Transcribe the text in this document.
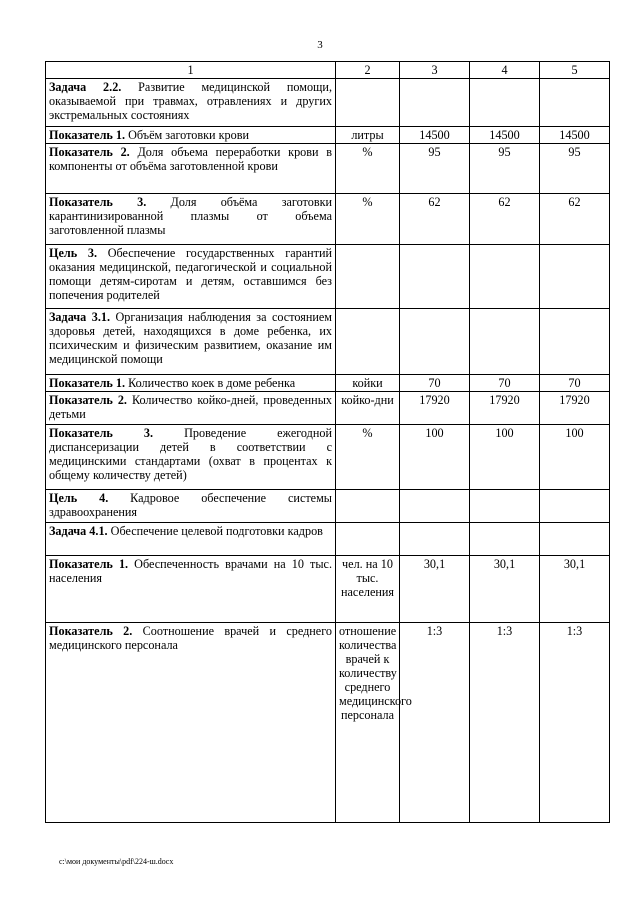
3
1	2	3	4	5
Задача 2.2. Развитие медицинской помощи, оказываемой при травмах, отравлениях и других экстремальных состояниях				
Показатель 1. Объём заготовки крови	литры	14500	14500	14500
Показатель 2. Доля объема переработки крови в компоненты от объёма заготовленной крови	%	95	95	95
Показатель 3. Доля объёма заготовки карантинизированной плазмы от объема заготовленной плазмы	%	62	62	62
Цель 3. Обеспечение государственных гарантий оказания медицинской, педагогической и социальной помощи детям-сиротам и детям, оставшимся без попечения родителей				
Задача 3.1. Организация наблюдения за состоянием здоровья детей, находящихся в доме ребенка, их психическим и физическим развитием, оказание им медицинской помощи				
Показатель 1. Количество коек в доме ребенка	койки	70	70	70
Показатель 2. Количество койко-дней, проведенных детьми	койко-дни	17920	17920	17920
Показатель 3. Проведение ежегодной диспансеризации детей в соответствии с медицинскими стандартами (охват в процентах к общему количеству детей)	%	100	100	100
Цель 4. Кадровое обеспечение системы здравоохранения				
Задача 4.1. Обеспечение целевой подготовки кадров				
Показатель 1. Обеспеченность врачами на 10 тыс. населения	чел. на 10 тыс. населения	30,1	30,1	30,1
Показатель 2. Соотношение врачей и среднего медицинского персонала	отношение количества врачей к количеству среднего медицинского персонала	1:3	1:3	1:3
c:\мои документы\pdf\224-ш.docx
